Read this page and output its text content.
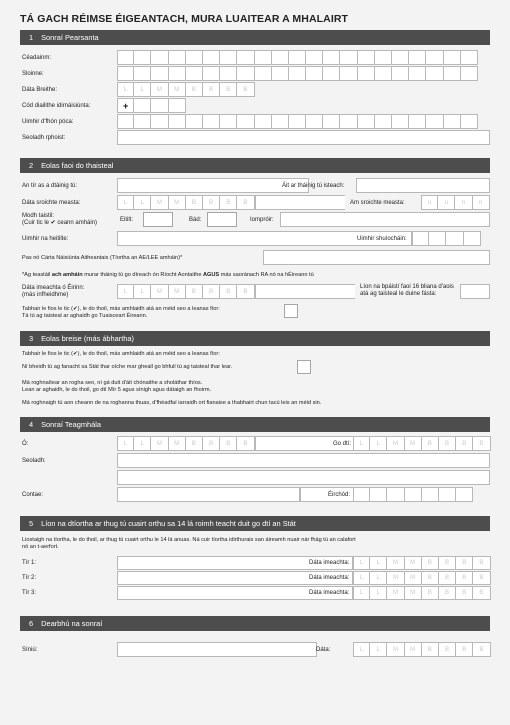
TÁ GACH RÉIMSE ÉIGEANTACH, MURA LUAITEAR A MHALAIRT
1 Sonraí Pearsanta
Céadainm:
Sloinne:
Dáta Breithe:	L	L	M	M	B	B	B	B
Cód diailithe idirnáisiúnta:	+
Uimhir d'fhón póca:
Seoladh rphoist:
2 Eolas faoi do thaisteal
An tír as a dtáinig tú:	Áit ar tháinig tú isteach:
Dáta sroichte measta:	L	L	M	M	B	B	B	B	Am sroichte measta:	u	u	n	n
Modh taistil:
(Cuir tic le ✔ ceann amháin)	Eitilt:	Bád:	Iompróir:
Uimhir na heitilte:	Uimhir shuíocháin:
Pas nó Cárta Náisiúnta Aitheantais (Tíortha an AE/LEE amháin)*
*Ag teastáil ach amháin murar tháinig tú go díreach ón Ríocht Aontaithe AGUS más saoránach RA nó na hÉireann tú
Dáta imeachta ó Éirinn:
(más infheidhme)
L	L	M	M	B	B	B	B
Líon na bpáistí faoi 16 bliana d'aois
atá ag taisteal le duine fásta:
Tabhair le fios le tic (✔), le do thoil, más amhlaidh atá an méid seo a leanas fíor:
Tá tú ag taisteal ar aghaidh go Tuaisceart Éireann.
3 Eolas breise (más ábhartha)
Tabhair le fios le tic (✔), le do thoil, más amhlaidh atá an méid seo a leanas fíor:
Ní bheidh tú ag fanacht sa Stát thar oíche mar gheall go bhfuil tú ag taisteal thar lear.
Má roghnaítear an rogha seo, ní gá duit d'áit chónaithe a sholáthar thíos.
Lean ar aghaidh, le do thoil, go dtí Mír 5 agus sínigh agus dátaigh an fhoirm.
Má roghnaigh tú aon cheann de na roghanna thuas, d'fhéadfaí iarraidh ort fianaise a thabhairt chun tacú leis an méid sin.
4 Sonraí Teagmhála
Ó:	L	L	M	M	B	B	B	B	Go dtí:	L	L	M	M	B	B	B	B
Seoladh:
Contae:	Éirchód:
5 Líon na dtíortha ar thug tú cuairt orthu sa 14 lá roimh teacht duit go dtí an Stát
Liostaigh na tíortha, le do thoil, ar thug tú cuairt orthu le 14 lá anuas. Ná cuir tíortha idirthurais san áireamh nuair nár fhág tú an calafort
nó an t-aerfort.
Tír 1:	Dáta imeachta:	L	L	M	M	B	B	B	B
Tír 2:	Dáta imeachta:	L	L	M	M	B	B	B	B
Tír 3:	Dáta imeachta:	L	L	M	M	B	B	B	B
6 Dearbhú na sonraí
Síniú:	Dáta:	L	L	M	M	B	B	B	B
